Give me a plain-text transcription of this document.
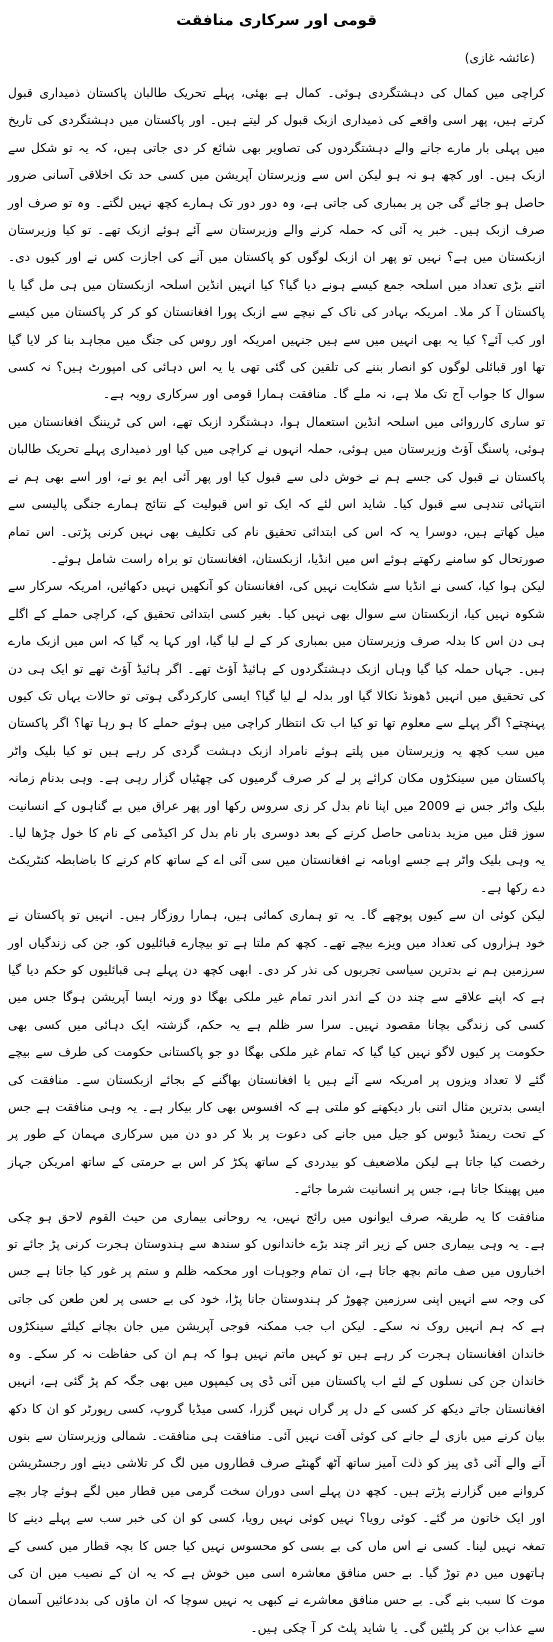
قومی اور سرکاری منافقت
(عائشہ غازی)

کراچی میں کمال کی دہشتگردی ہوئی۔ کمال ہے بھئی، پہلے تحریک طالبان پاکستان ذمیداری قبول کرتے ہیں، پھر اسی واقعے کی ذمیداری ازبک قبول کر لیتے ہیں۔ اور پاکستان میں دہشتگردی کی تاریخ میں پہلی بار مارے جانے والے دہشتگردوں کی تصاویر بھی شائع کر دی جاتی ہیں، کہ یہ تو شکل سے ازبک ہیں۔ اور کچھ ہو نہ ہو لیکن اس سے وزیرستان آپریشن میں کسی حد تک اخلاقی آسانی ضرور حاصل ہو جائے گی جن پر بمباری کی جاتی ہے، وہ دور دور تک ہمارے کچھ نہیں لگتے۔ وہ تو صرف اور صرف ازبک ہیں۔ خبر یہ آئی کہ حملہ کرنے والے وزیرستان سے آئے ہوئے ازبک تھے۔ تو کیا وزیرستان ازبکستان میں ہے؟ نہیں تو پھر ان ازبک لوگوں کو پاکستان میں آنے کی اجازت کس نے اور کیوں دی۔ اتنے بڑی تعداد میں اسلحہ جمع کیسے ہونے دیا گیا؟ کیا انہیں انڈین اسلحہ ازبکستان میں ہی مل گیا یا پاکستان آ کر ملا۔ امریکہ بہادر کی ناک کے نیچے سے ازبک پورا افغانستان کو کر کر پاکستان میں کیسے اور کب آئے؟ کیا یہ بھی انہیں میں سے ہیں جنہیں امریکہ اور روس کی جنگ میں مجاہد بنا کر لایا گیا تھا اور قبائلی لوگوں کو انصار بننے کی تلقین کی گئی تھی یا یہ اس دہائی کی امپورٹ ہیں؟ نہ کسی سوال کا جواب آج تک ملا ہے، نہ ملے گا۔ منافقت ہمارا قومی اور سرکاری رویہ ہے۔

تو ساری کارروائی میں اسلحہ انڈین استعمال ہوا، دہشتگرد ازبک تھے، اس کی ٹریننگ افغانستان میں ہوئی، پاسنگ آؤٹ وزیرستان میں ہوئی، حملہ انہوں نے کراچی میں کیا اور ذمیداری پہلے تحریک طالبان پاکستان نے قبول کی جسے ہم نے خوش دلی سے قبول کیا اور پھر آئی ایم یو نے، اور اسے بھی ہم نے انتہائی تندہی سے قبول کیا۔ شاید اس لئے کہ ایک تو اس قبولیت کے نتائج ہمارے جنگی پالیسی سے میل کھاتے ہیں، دوسرا یہ کہ اس کی ابتدائی تحقیق نام کی تکلیف بھی نہیں کرنی پڑتی۔ اس تمام صورتحال کو سامنے رکھتے ہوئے اس میں انڈیا، ازبکستان، افغانستان تو براہ راست شامل ہوئے۔

لیکن ہوا کیا، کسی نے انڈیا سے شکایت نہیں کی، افغانستان کو آنکھیں نہیں دکھائیں، امریکہ سرکار سے شکوہ نہیں کیا، ازبکستان سے سوال بھی نہیں کیا۔ بغیر کسی ابتدائی تحقیق کے، کراچی حملے کے اگلے ہی دن اس کا بدلہ صرف وزیرستان میں بمباری کر کے لے لیا گیا، اور کہا یہ گیا کہ اس میں ازبک مارے ہیں۔ جہاں حملہ کیا گیا وہاں ازبک دہشتگردوں کے ہائیڈ آؤٹ تھے۔ اگر ہائیڈ آؤٹ تھے تو ایک ہی دن کی تحقیق میں انہیں ڈھونڈ نکالا گیا اور بدلہ لے لیا گیا؟ ایسی کارکردگی ہوتی تو حالات یہاں تک کیوں پہنچتے؟ اگر پہلے سے معلوم تھا تو کیا اب تک انتظار کراچی میں ہوئے حملے کا ہو رہا تھا؟ اگر پاکستان میں سب کچھ یہ وزیرستان میں پلتے ہوئے نامراد ازبک دہشت گردی کر رہے ہیں تو کیا بلیک واٹر پاکستان میں سینکڑوں مکان کرائے پر لے کر صرف گرمیوں کی چھٹیاں گزار رہی ہے۔ وہی بدنام زمانہ بلیک واٹر جس نے 2009 میں اپنا نام بدل کر زی سروس رکھا اور پھر عراق میں بے گناہوں کے انسانیت سوز قتل میں مزید بدنامی حاصل کرنے کے بعد دوسری بار نام بدل کر اکیڈمی کے نام کا خول چڑھا لیا۔ یہ وہی بلیک واٹر ہے جسے اوبامہ نے افغانستان میں سی آئی اے کے ساتھ کام کرنے کا باضابطہ کنٹریکٹ دے رکھا ہے۔

لیکن کوئی ان سے کیوں پوچھے گا۔ یہ تو ہماری کمائی ہیں، ہمارا روزگار ہیں۔ انہیں تو پاکستان نے خود ہزاروں کی تعداد میں ویزے بیچے تھے۔ کچھ کم ملتا ہے تو بیچارے قبائلیوں کو، جن کی زندگیاں اور سرزمین ہم نے بدترین سیاسی تجربوں کی نذر کر دی۔ ابھی کچھ دن پہلے ہی قبائلیوں کو حکم دیا گیا ہے کہ اپنے علاقے سے چند دن کے اندر اندر تمام غیر ملکی بھگا دو ورنہ ایسا آپریشن ہوگا جس میں کسی کی زندگی بچانا مقصود نہیں۔ سرا سر ظلم ہے یہ حکم، گزشتہ ایک دہائی میں کسی بھی حکومت پر کیوں لاگو نہیں کیا گیا کہ تمام غیر ملکی بھگا دو جو پاکستانی حکومت کی طرف سے بیچے گئے لا تعداد ویزوں پر امریکہ سے آئے ہیں یا افغانستان بھاگنے کے بجائے ازبکستان سے۔ منافقت کی ایسی بدترین مثال اتنی بار دیکھنے کو ملتی ہے کہ افسوس بھی کار بیکار ہے۔ یہ وہی منافقت ہے جس کے تحت ریمنڈ ڈیوس کو جیل میں جانے کی دعوت پر بلا کر دو دن میں سرکاری مہمان کے طور پر رخصت کیا جاتا ہے لیکن ملاضعیف کو بیدردی کے ساتھ پکڑ کر اس بے حرمتی کے ساتھ امریکن جہاز میں پھینکا جاتا ہے، جس پر انسانیت شرما جائے۔

منافقت کا یہ طریقہ صرف ایوانوں میں رائج نہیں، یہ روحانی بیماری من حیث القوم لاحق ہو چکی ہے۔ یہ وہی بیماری جس کے زیر اثر چند بڑے خاندانوں کو سندھ سے ہندوستان ہجرت کرنی پڑ جائے تو اخباروں میں صف ماتم بچھ جاتا ہے، ان تمام وجوہات اور محکمہ ظلم و ستم پر غور کیا جاتا ہے جس کی وجہ سے انہیں اپنی سرزمین چھوڑ کر ہندوستان جانا پڑا، خود کی بے حسی پر لعن طعن کی جاتی ہے کہ ہم انہیں روک نہ سکے۔ لیکن اب جب ممکنہ فوجی آپریشن میں جان بچانے کیلئے سینکڑوں خاندان افغانستان ہجرت کر رہے ہیں تو کہیں ماتم نہیں ہوا کہ ہم ان کی حفاظت نہ کر سکے۔ وہ خاندان جن کی نسلوں کے لئے اب پاکستان میں آئی ڈی پی کیمپوں میں بھی جگہ کم پڑ گئی ہے، انہیں افغانستان جاتے دیکھ کر کسی کے دل پر گراں نہیں گزرا، کسی میڈیا گروپ، کسی رپورٹر کو ان کا دکھ بیان کرنے میں بازی لے جانے کی کوئی آفت نہیں آئی۔ منافقت ہی منافقت۔ شمالی وزیرستان سے بنوں آنے والے آئی ڈی پیز کو ذلت آمیز ساتھ آٹھ گھنٹے صرف قطاروں میں لگ کر تلاشی دینے اور رجسٹریشن کروانے میں گزارنے پڑتے ہیں۔ کچھ دن پہلے اسی دوران سخت گرمی میں قطار میں لگے ہوئے چار بچے اور ایک خاتون مر گئے۔ کوئی رویا؟ نہیں کوئی نہیں رویا، کسی کو ان کی خبر سب سے پہلے دینے کا تمغہ نہیں لینا۔ کسی نے اس ماں کی بے بسی کو محسوس نہیں کیا جس کا بچہ قطار میں کسی کے ہاتھوں میں دم توڑ گیا۔ بے حس منافق معاشرہ اسی میں خوش ہے کہ یہ ان کے نصیب میں ان کی موت کا سبب بنے گی۔ بے حس منافق معاشرے نے کبھی یہ نہیں سوچا کہ ان ماؤں کی بددعائیں آسمان سے عذاب بن کر پلٹیں گی۔ یا شاید پلٹ کر آ چکی ہیں۔
